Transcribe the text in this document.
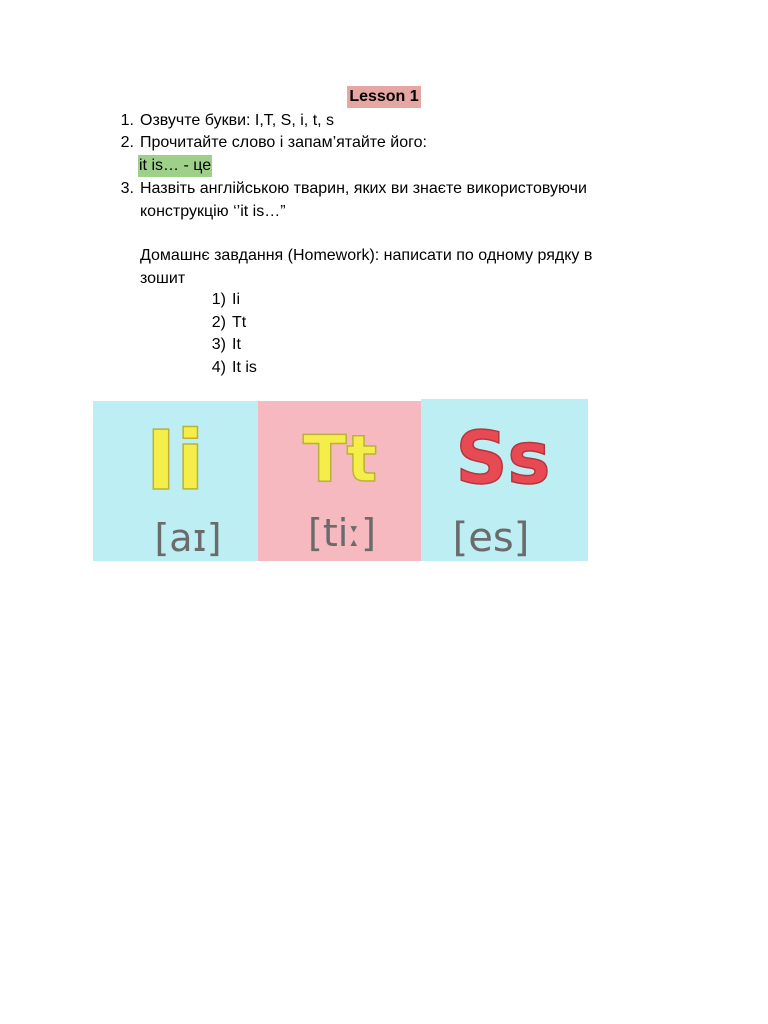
Lesson 1
1. Озвучте букви: I,T, S, i, t, s
2. Прочитайте слово і запам’ятайте його:
it is… - це
3. Назвіть англійською тварин, яких ви знаєте використовуючи
конструкцію ‘’it is…”
Домашнє завдання (Homework): написати по одному рядку в
зошит
1) Ii
2) Tt
3) It
4) It is
Ii
[aɪ]
Tt
[tiː]
Ss
[es]
